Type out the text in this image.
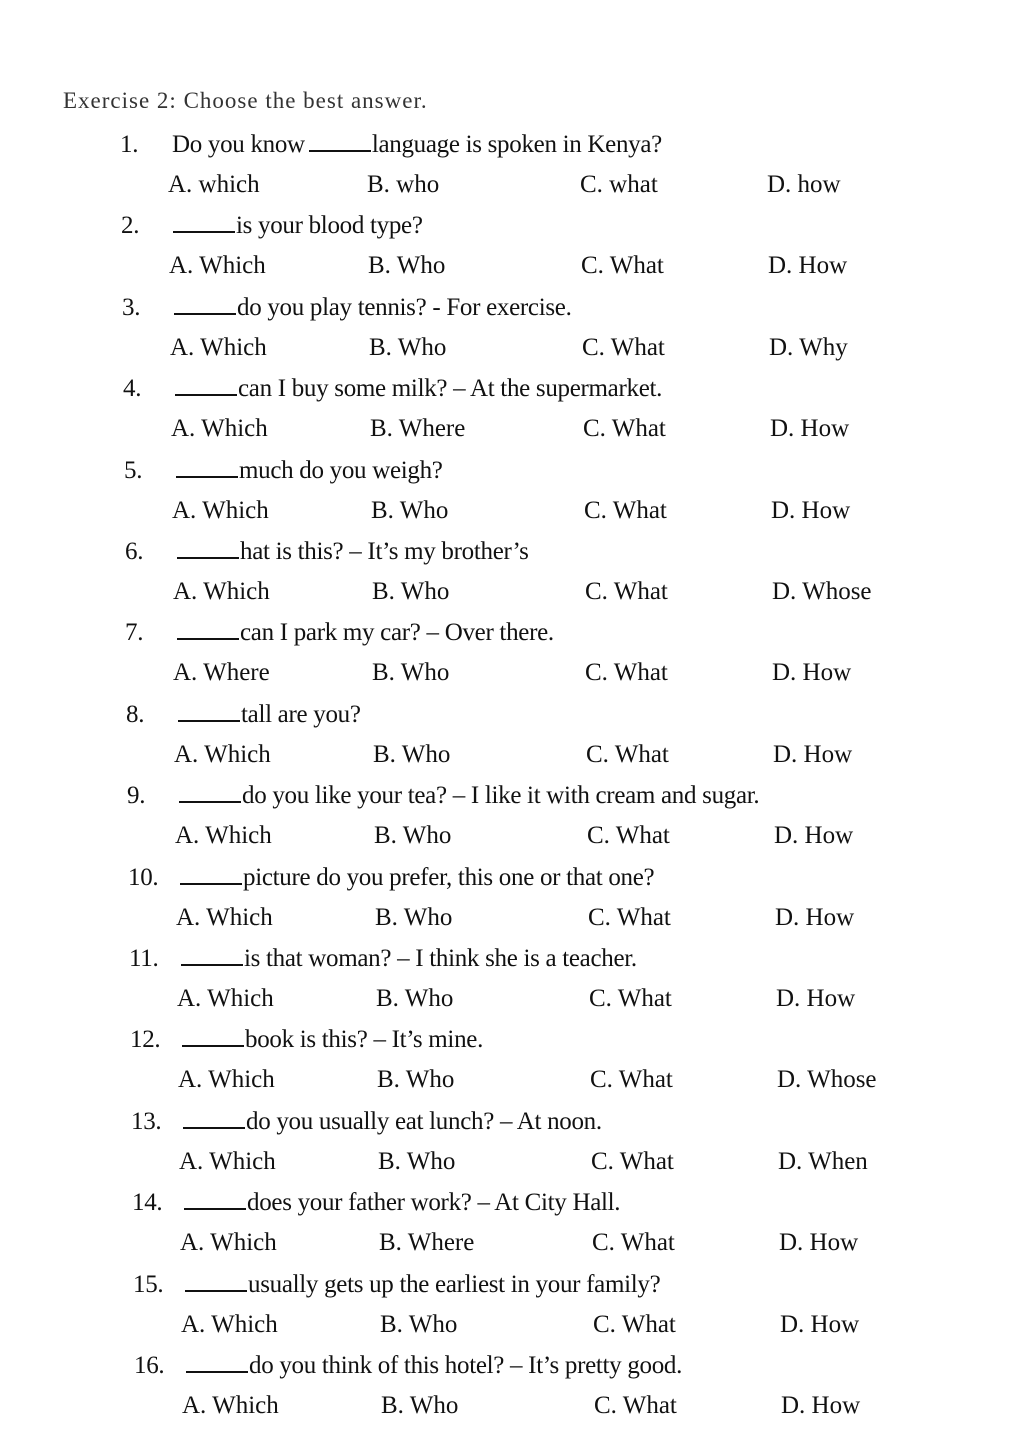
Exercise 2: Choose the best answer.
1. Do you know	language is spoken in Kenya?
A. which	B. who	C. what	D. how
2.	is your blood type?
A. Which	B. Who	C. What	D. How
3.	do you play tennis? - For exercise.
A. Which	B. Who	C. What	D. Why
4.	can I buy some milk? – At the supermarket.
A. Which	B. Where	C. What	D. How
5.	much do you weigh?
A. Which	B. Who	C. What	D. How
6.	hat is this? – It’s my brother’s
A. Which	B. Who	C. What	D. Whose
7.	can I park my car? – Over there.
A. Where	B. Who	C. What	D. How
8.	tall are you?
A. Which	B. Who	C. What	D. How
9.	do you like your tea? – I like it with cream and sugar.
A. Which	B. Who	C. What	D. How
10.	picture do you prefer, this one or that one?
A. Which	B. Who	C. What	D. How
11.	is that woman? – I think she is a teacher.
A. Which	B. Who	C. What	D. How
12.	book is this? – It’s mine.
A. Which	B. Who	C. What	D. Whose
13.	do you usually eat lunch? – At noon.
A. Which	B. Who	C. What	D. When
14.	does your father work? – At City Hall.
A. Which	B. Where	C. What	D. How
15.	usually gets up the earliest in your family?
A. Which	B. Who	C. What	D. How
16.	do you think of this hotel? – It’s pretty good.
A. Which	B. Who	C. What	D. How
